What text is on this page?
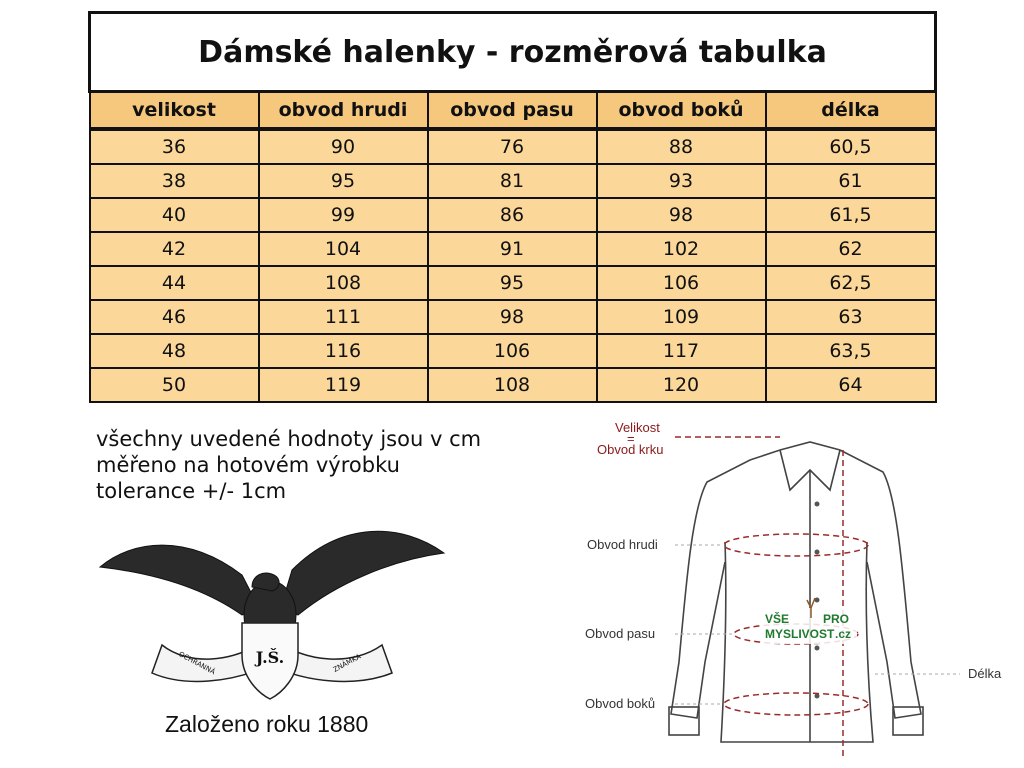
Dámské halenky - rozměrová tabulka				
velikost	obvod hrudi	obvod pasu	obvod boků	délka
36	90	76	88	60,5
38	95	81	93	61
40	99	86	98	61,5
42	104	91	102	62
44	108	95	106	62,5
46	111	98	109	63
48	116	106	117	63,5
50	119	108	120	64
všechny uvedené hodnoty jsou v cm
měřeno na hotovém výrobku
tolerance +/- 1cm
J.Š.
OCHRANNÁ	ZNÁMKA
Založeno roku 1880
Velikost
=
Obvod krku
Obvod hrudi
Obvod pasu
Obvod boků
Délka
VŠE	PRO
MYSLIVOST .cz
